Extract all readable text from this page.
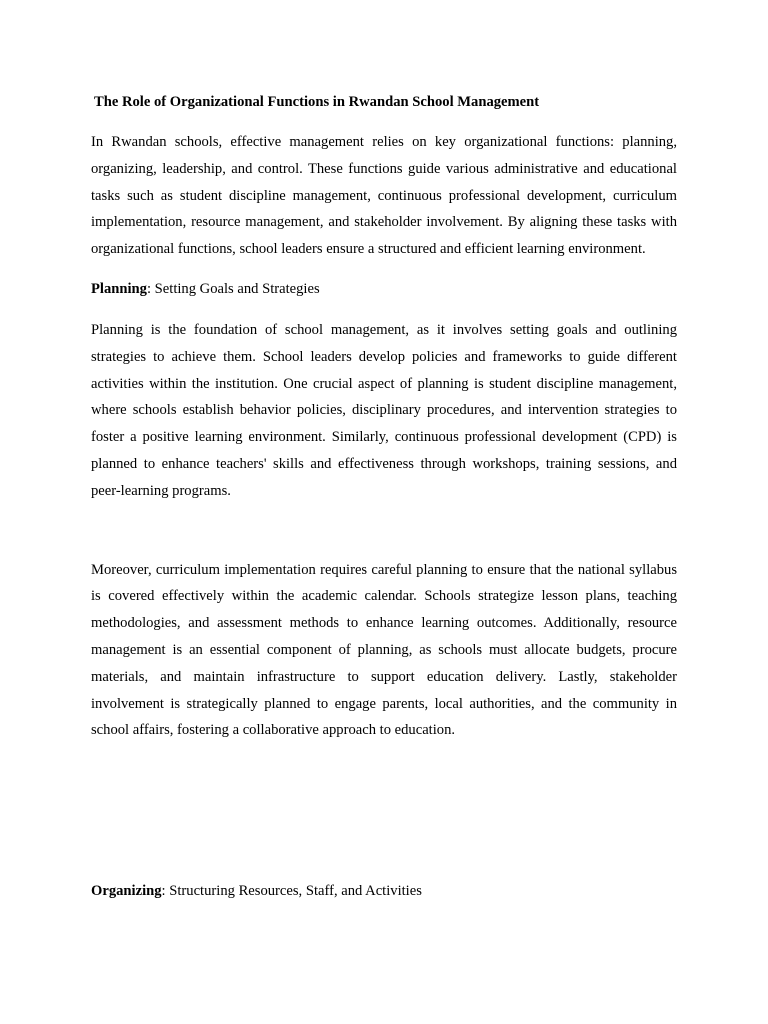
The Role of Organizational Functions in Rwandan School Management

In Rwandan schools, effective management relies on key organizational functions: planning, organizing, leadership, and control. These functions guide various administrative and educational tasks such as student discipline management, continuous professional development, curriculum implementation, resource management, and stakeholder involvement. By aligning these tasks with organizational functions, school leaders ensure a structured and efficient learning environment.

Planning: Setting Goals and Strategies

Planning is the foundation of school management, as it involves setting goals and outlining strategies to achieve them. School leaders develop policies and frameworks to guide different activities within the institution. One crucial aspect of planning is student discipline management, where schools establish behavior policies, disciplinary procedures, and intervention strategies to foster a positive learning environment. Similarly, continuous professional development (CPD) is planned to enhance teachers' skills and effectiveness through workshops, training sessions, and peer-learning programs.

Moreover, curriculum implementation requires careful planning to ensure that the national syllabus is covered effectively within the academic calendar. Schools strategize lesson plans, teaching methodologies, and assessment methods to enhance learning outcomes. Additionally, resource management is an essential component of planning, as schools must allocate budgets, procure materials, and maintain infrastructure to support education delivery. Lastly, stakeholder involvement is strategically planned to engage parents, local authorities, and the community in school affairs, fostering a collaborative approach to education.

Organizing: Structuring Resources, Staff, and Activities
